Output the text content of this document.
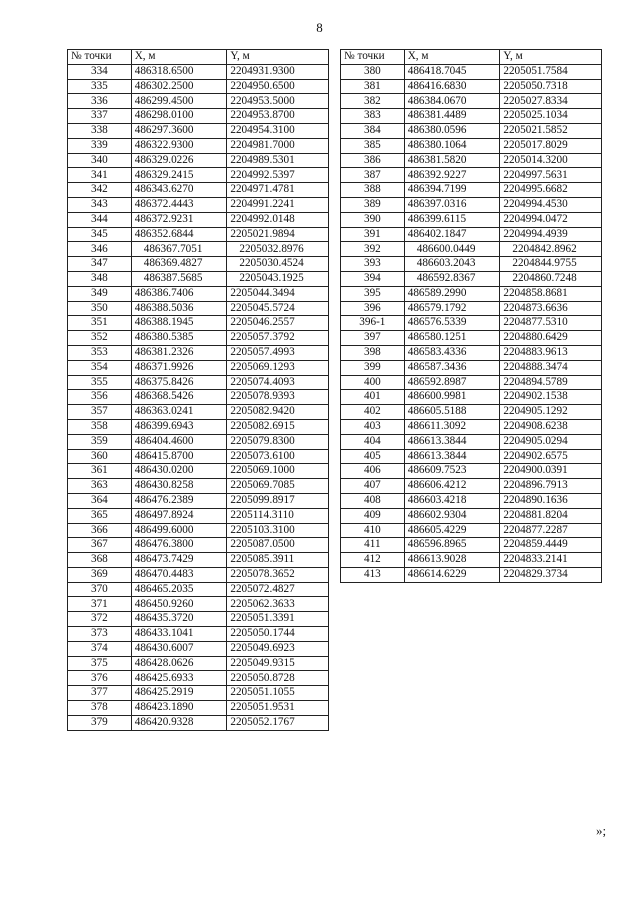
8
№ точки	X, м	Y, м
334	486318.6500	2204931.9300
335	486302.2500	2204950.6500
336	486299.4500	2204953.5000
337	486298.0100	2204953.8700
338	486297.3600	2204954.3100
339	486322.9300	2204981.7000
340	486329.0226	2204989.5301
341	486329.2415	2204992.5397
342	486343.6270	2204971.4781
343	486372.4443	2204991.2241
344	486372.9231	2204992.0148
345	486352.6844	2205021.9894
346	486367.7051	2205032.8976
347	486369.4827	2205030.4524
348	486387.5685	2205043.1925
349	486386.7406	2205044.3494
350	486388.5036	2205045.5724
351	486388.1945	2205046.2557
352	486380.5385	2205057.3792
353	486381.2326	2205057.4993
354	486371.9926	2205069.1293
355	486375.8426	2205074.4093
356	486368.5426	2205078.9393
357	486363.0241	2205082.9420
358	486399.6943	2205082.6915
359	486404.4600	2205079.8300
360	486415.8700	2205073.6100
361	486430.0200	2205069.1000
363	486430.8258	2205069.7085
364	486476.2389	2205099.8917
365	486497.8924	2205114.3110
366	486499.6000	2205103.3100
367	486476.3800	2205087.0500
368	486473.7429	2205085.3911
369	486470.4483	2205078.3652
370	486465.2035	2205072.4827
371	486450.9260	2205062.3633
372	486435.3720	2205051.3391
373	486433.1041	2205050.1744
374	486430.6007	2205049.6923
375	486428.0626	2205049.9315
376	486425.6933	2205050.8728
377	486425.2919	2205051.1055
378	486423.1890	2205051.9531
379	486420.9328	2205052.1767
№ точки	X, м	Y, м
380	486418.7045	2205051.7584
381	486416.6830	2205050.7318
382	486384.0670	2205027.8334
383	486381.4489	2205025.1034
384	486380.0596	2205021.5852
385	486380.1064	2205017.8029
386	486381.5820	2205014.3200
387	486392.9227	2204997.5631
388	486394.7199	2204995.6682
389	486397.0316	2204994.4530
390	486399.6115	2204994.0472
391	486402.1847	2204994.4939
392	486600.0449	2204842.8962
393	486603.2043	2204844.9755
394	486592.8367	2204860.7248
395	486589.2990	2204858.8681
396	486579.1792	2204873.6636
396-1	486576.5339	2204877.5310
397	486580.1251	2204880.6429
398	486583.4336	2204883.9613
399	486587.3436	2204888.3474
400	486592.8987	2204894.5789
401	486600.9981	2204902.1538
402	486605.5188	2204905.1292
403	486611.3092	2204908.6238
404	486613.3844	2204905.0294
405	486613.3844	2204902.6575
406	486609.7523	2204900.0391
407	486606.4212	2204896.7913
408	486603.4218	2204890.1636
409	486602.9304	2204881.8204
410	486605.4229	2204877.2287
411	486596.8965	2204859.4449
412	486613.9028	2204833.2141
413	486614.6229	2204829.3734
»;
